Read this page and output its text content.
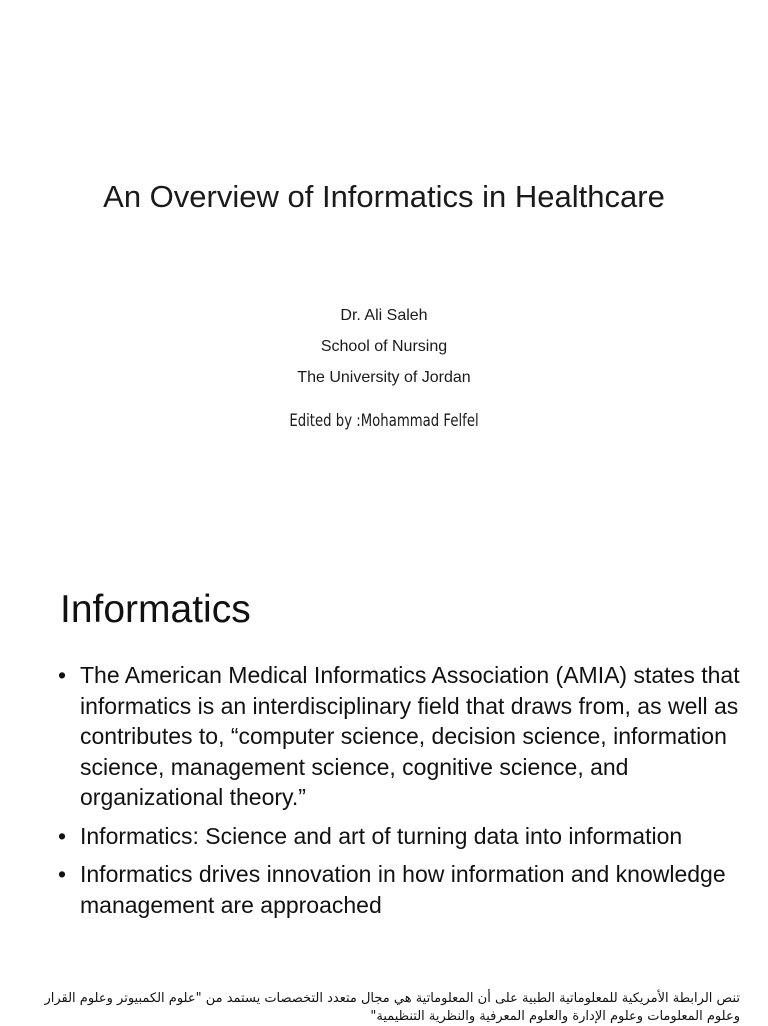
An Overview of Informatics in Healthcare
Dr. Ali Saleh
School of Nursing
The University of Jordan
Edited by :Mohammad Felfel
Informatics
• The American Medical Informatics Association (AMIA) states that informatics is an interdisciplinary field that draws from, as well as contributes to, “computer science, decision science, information science, management science, cognitive science, and organizational theory.”
• Informatics: Science and art of turning data into information
• Informatics drives innovation in how information and knowledge management are approached
تنص الرابطة الأمريكية للمعلوماتية الطبية على أن المعلوماتية هي مجال متعدد التخصصات يستمد من "علوم الكمبيوتر وعلوم القرار وعلوم المعلومات وعلوم الإدارة والعلوم المعرفية والنظرية التنظيمية"
